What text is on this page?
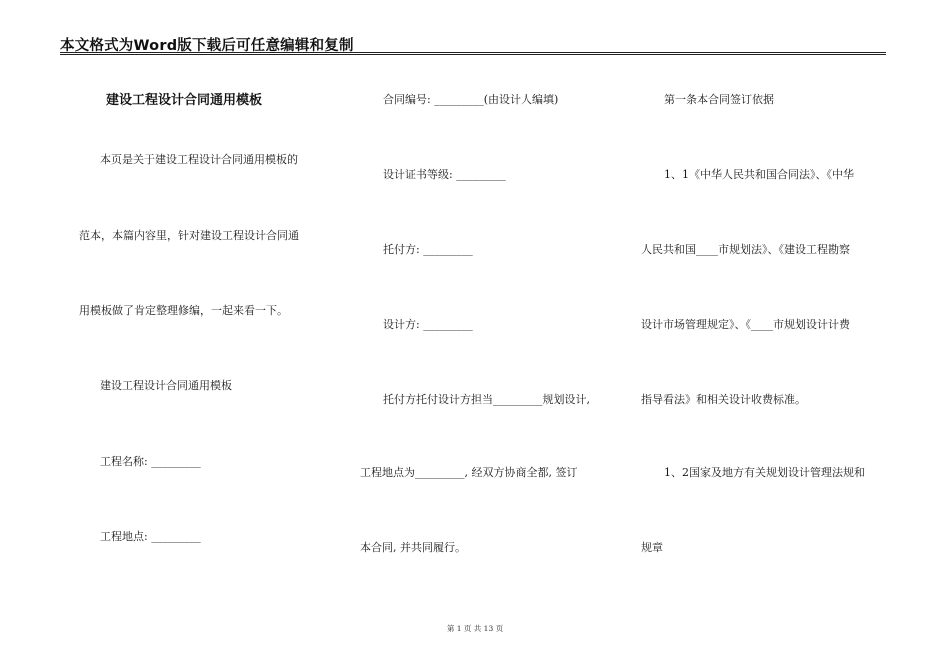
本文格式为Word版下载后可任意编辑和复制
建设工程设计合同通用模板
本页是关于建设工程设计合同通用模板的
范本，本篇内容里，针对建设工程设计合同通
用模板做了肯定整理修编，一起来看一下。
建设工程设计合同通用模板
工程名称: _________
工程地点: _________
合同编号: _________(由设计人编填)
设计证书等级: _________
托付方: _________
设计方: _________
托付方托付设计方担当_________规划设计,
工程地点为_________, 经双方协商全都, 签订
本合同, 并共同履行。
第一条本合同签订依据
1、1《中华人民共和国合同法》、《中华
人民共和国____市规划法》、《建设工程勘察
设计市场管理规定》、《____市规划设计计费
指导看法》和相关设计收费标准。
1、2国家及地方有关规划设计管理法规和
规章
第 1 页 共 13 页
